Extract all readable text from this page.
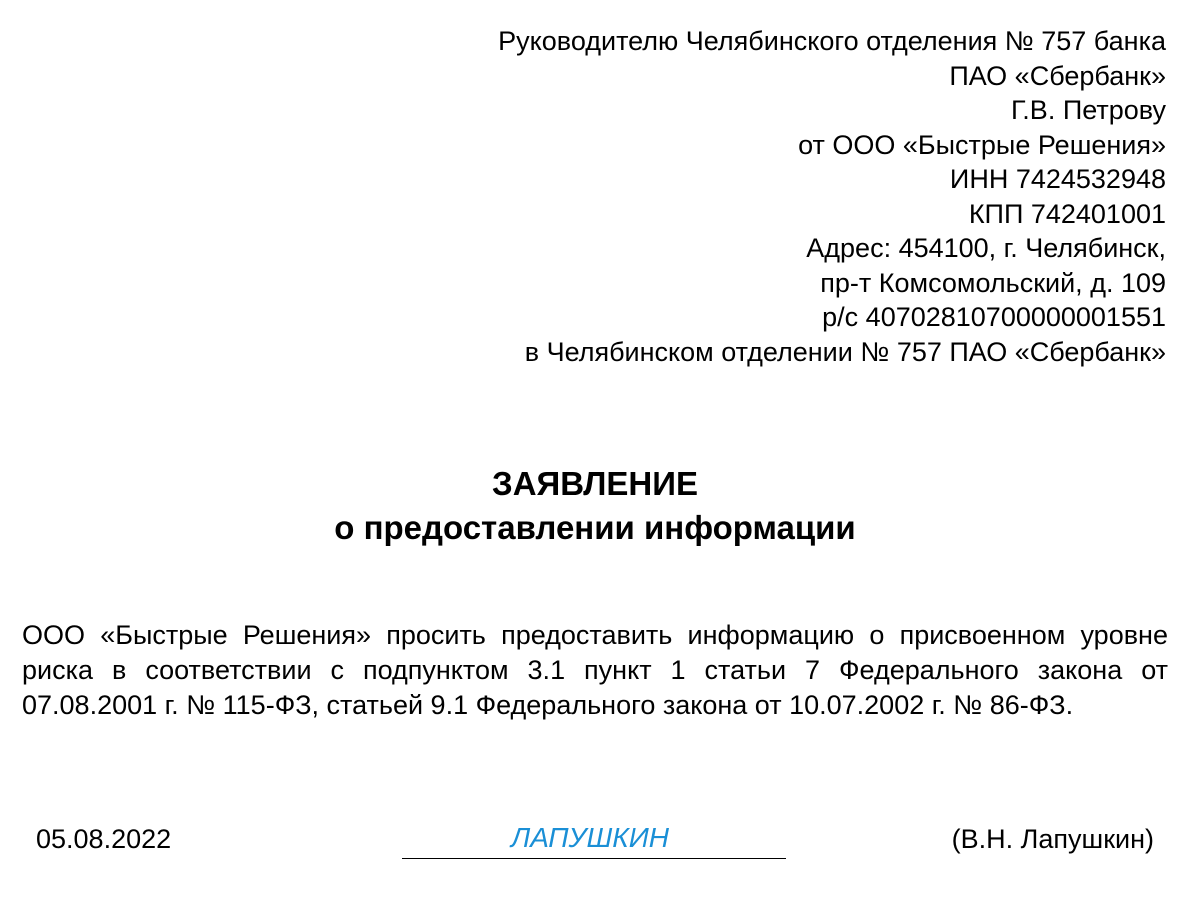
Руководителю Челябинского отделения № 757 банка
ПАО «Сбербанк»
Г.В. Петрову
от ООО «Быстрые Решения»
ИНН 7424532948
КПП 742401001
Адрес: 454100, г. Челябинск,
пр-т Комсомольский, д. 109
р/с 40702810700000001551
в Челябинском отделении № 757 ПАО «Сбербанк»
ЗАЯВЛЕНИЕ
о предоставлении информации
ООО «Быстрые Решения» просить предоставить информацию о присвоенном уровне риска в соответствии с подпунктом 3.1 пункт 1 статьи 7 Федерального закона от 07.08.2001 г. № 115-ФЗ, статьей 9.1 Федерального закона от 10.07.2002 г. № 86-ФЗ.
05.08.2022	ЛАПУШКИН	(В.Н. Лапушкин)
